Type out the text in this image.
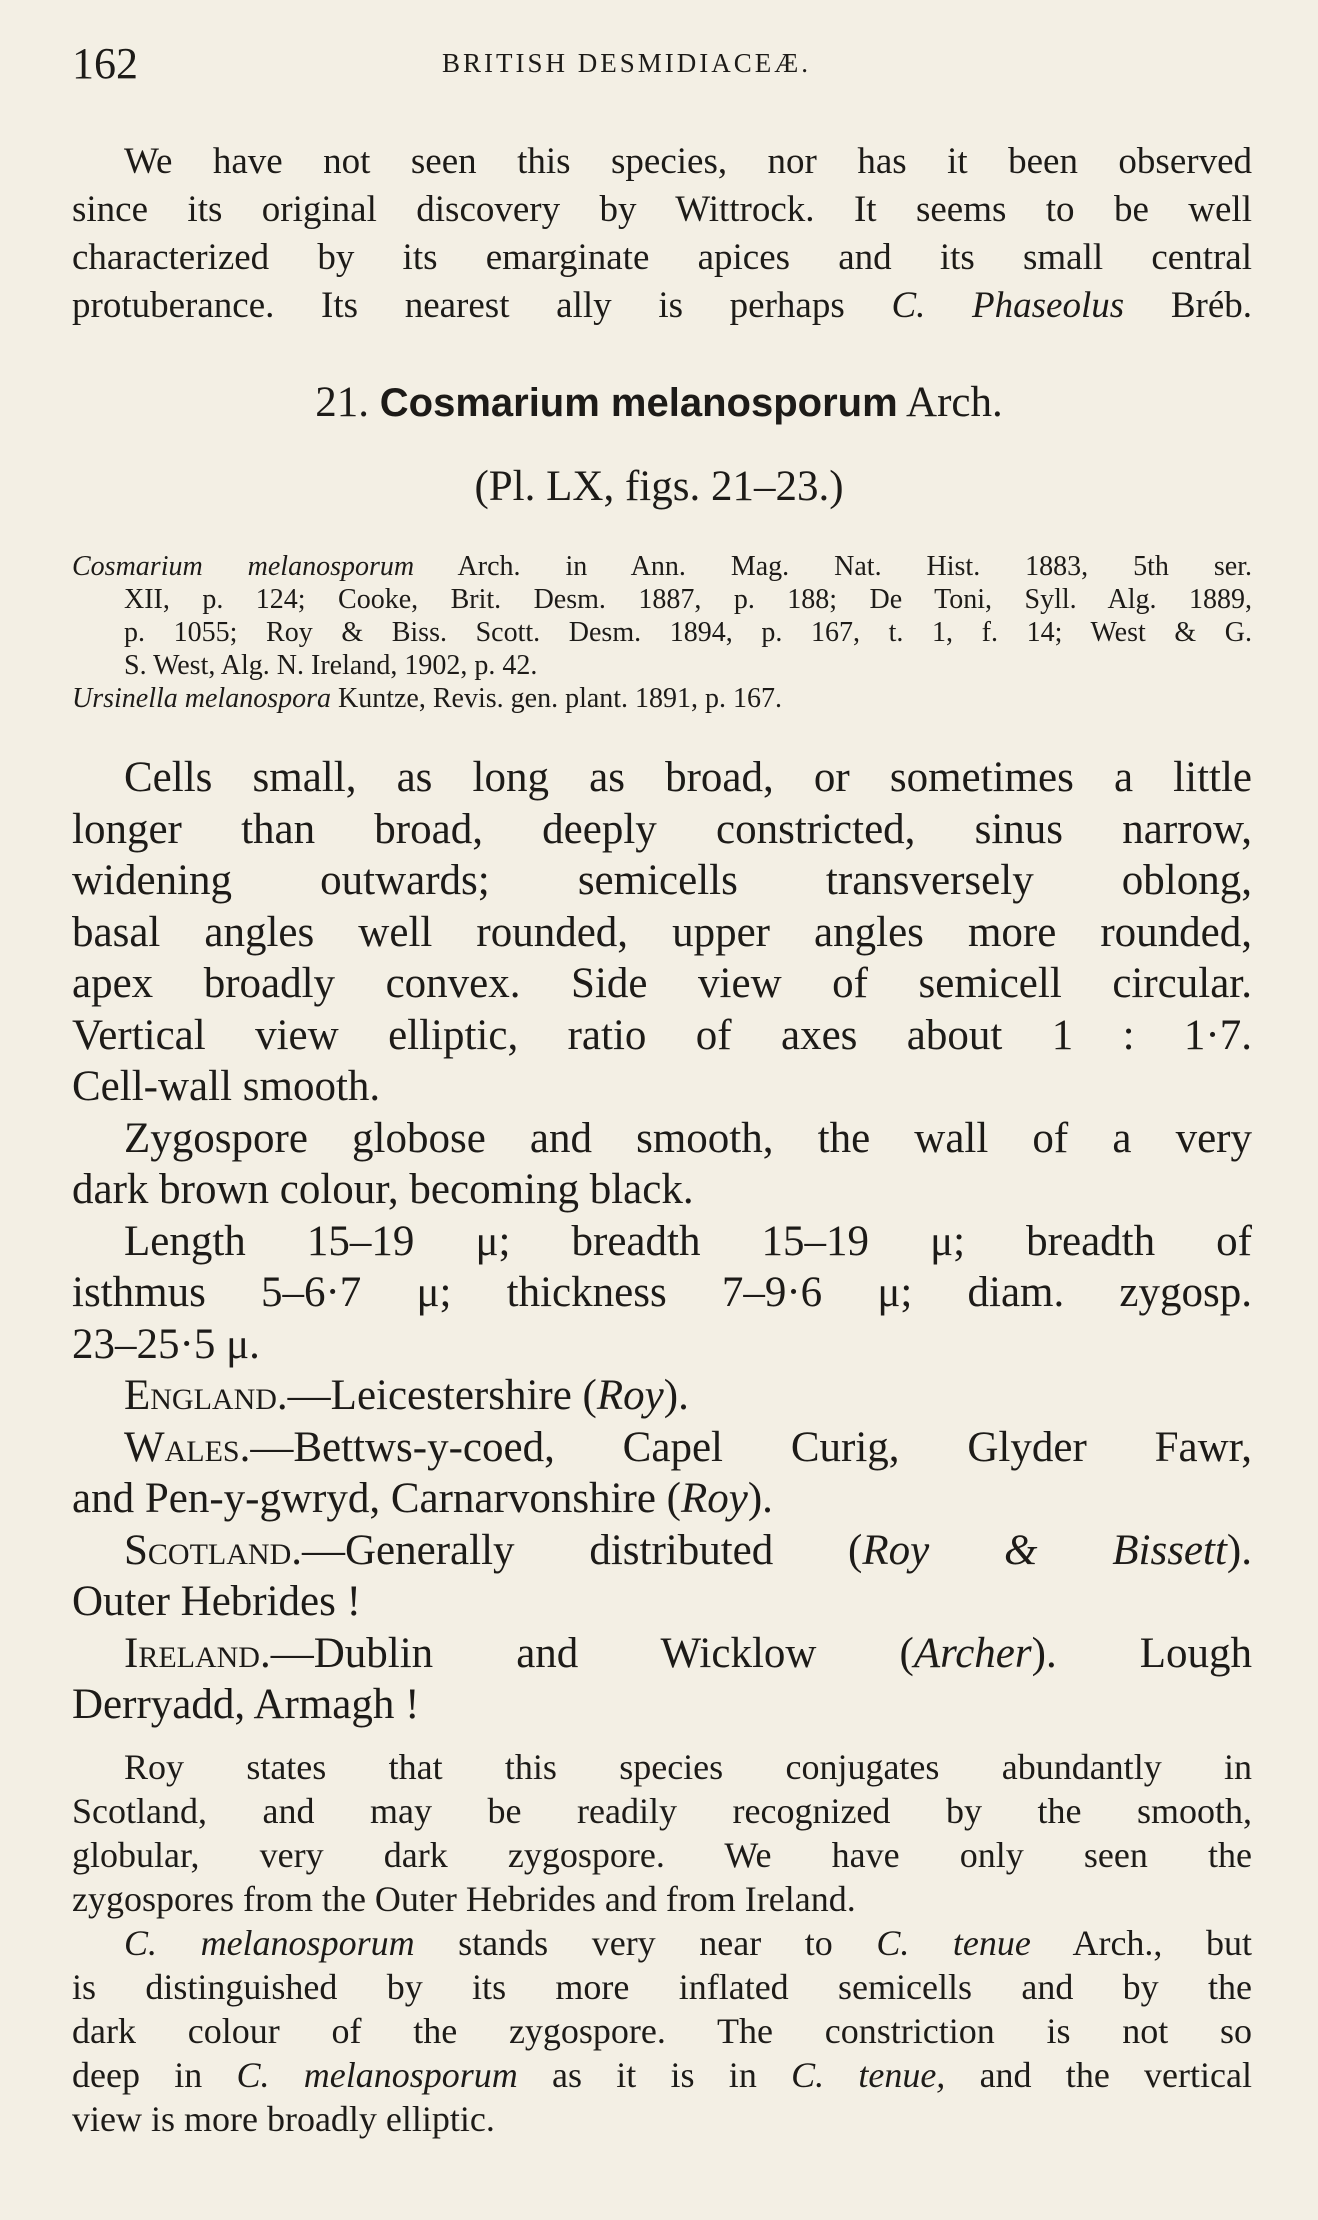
162	BRITISH DESMIDIACEÆ.
We have not seen this species, nor has it been observed
since its original discovery by Wittrock. It seems to be well
characterized by its emarginate apices and its small central
protuberance. Its nearest ally is perhaps C. Phaseolus Bréb.
21. Cosmarium melanosporum Arch.
(Pl. LX, figs. 21–23.)
Cosmarium melanosporum Arch. in Ann. Mag. Nat. Hist. 1883, 5th ser.
XII, p. 124; Cooke, Brit. Desm. 1887, p. 188; De Toni, Syll. Alg. 1889,
p. 1055; Roy & Biss. Scott. Desm. 1894, p. 167, t. 1, f. 14; West & G.
S. West, Alg. N. Ireland, 1902, p. 42.
Ursinella melanospora Kuntze, Revis. gen. plant. 1891, p. 167.
Cells small, as long as broad, or sometimes a little
longer than broad, deeply constricted, sinus narrow,
widening outwards; semicells transversely oblong,
basal angles well rounded, upper angles more rounded,
apex broadly convex. Side view of semicell circular.
Vertical view elliptic, ratio of axes about 1 : 1·7.
Cell-wall smooth.
Zygospore globose and smooth, the wall of a very
dark brown colour, becoming black.
Length 15–19 μ; breadth 15–19 μ; breadth of
isthmus 5–6·7 μ; thickness 7–9·6 μ; diam. zygosp.
23–25·5 μ.
England.—Leicestershire (Roy).
Wales.—Bettws-y-coed, Capel Curig, Glyder Fawr,
and Pen-y-gwryd, Carnarvonshire (Roy).
Scotland.—Generally distributed (Roy & Bissett).
Outer Hebrides !
Ireland.—Dublin and Wicklow (Archer). Lough
Derryadd, Armagh !
Roy states that this species conjugates abundantly in
Scotland, and may be readily recognized by the smooth,
globular, very dark zygospore. We have only seen the
zygospores from the Outer Hebrides and from Ireland.
C. melanosporum stands very near to C. tenue Arch., but
is distinguished by its more inflated semicells and by the
dark colour of the zygospore. The constriction is not so
deep in C. melanosporum as it is in C. tenue, and the vertical
view is more broadly elliptic.
